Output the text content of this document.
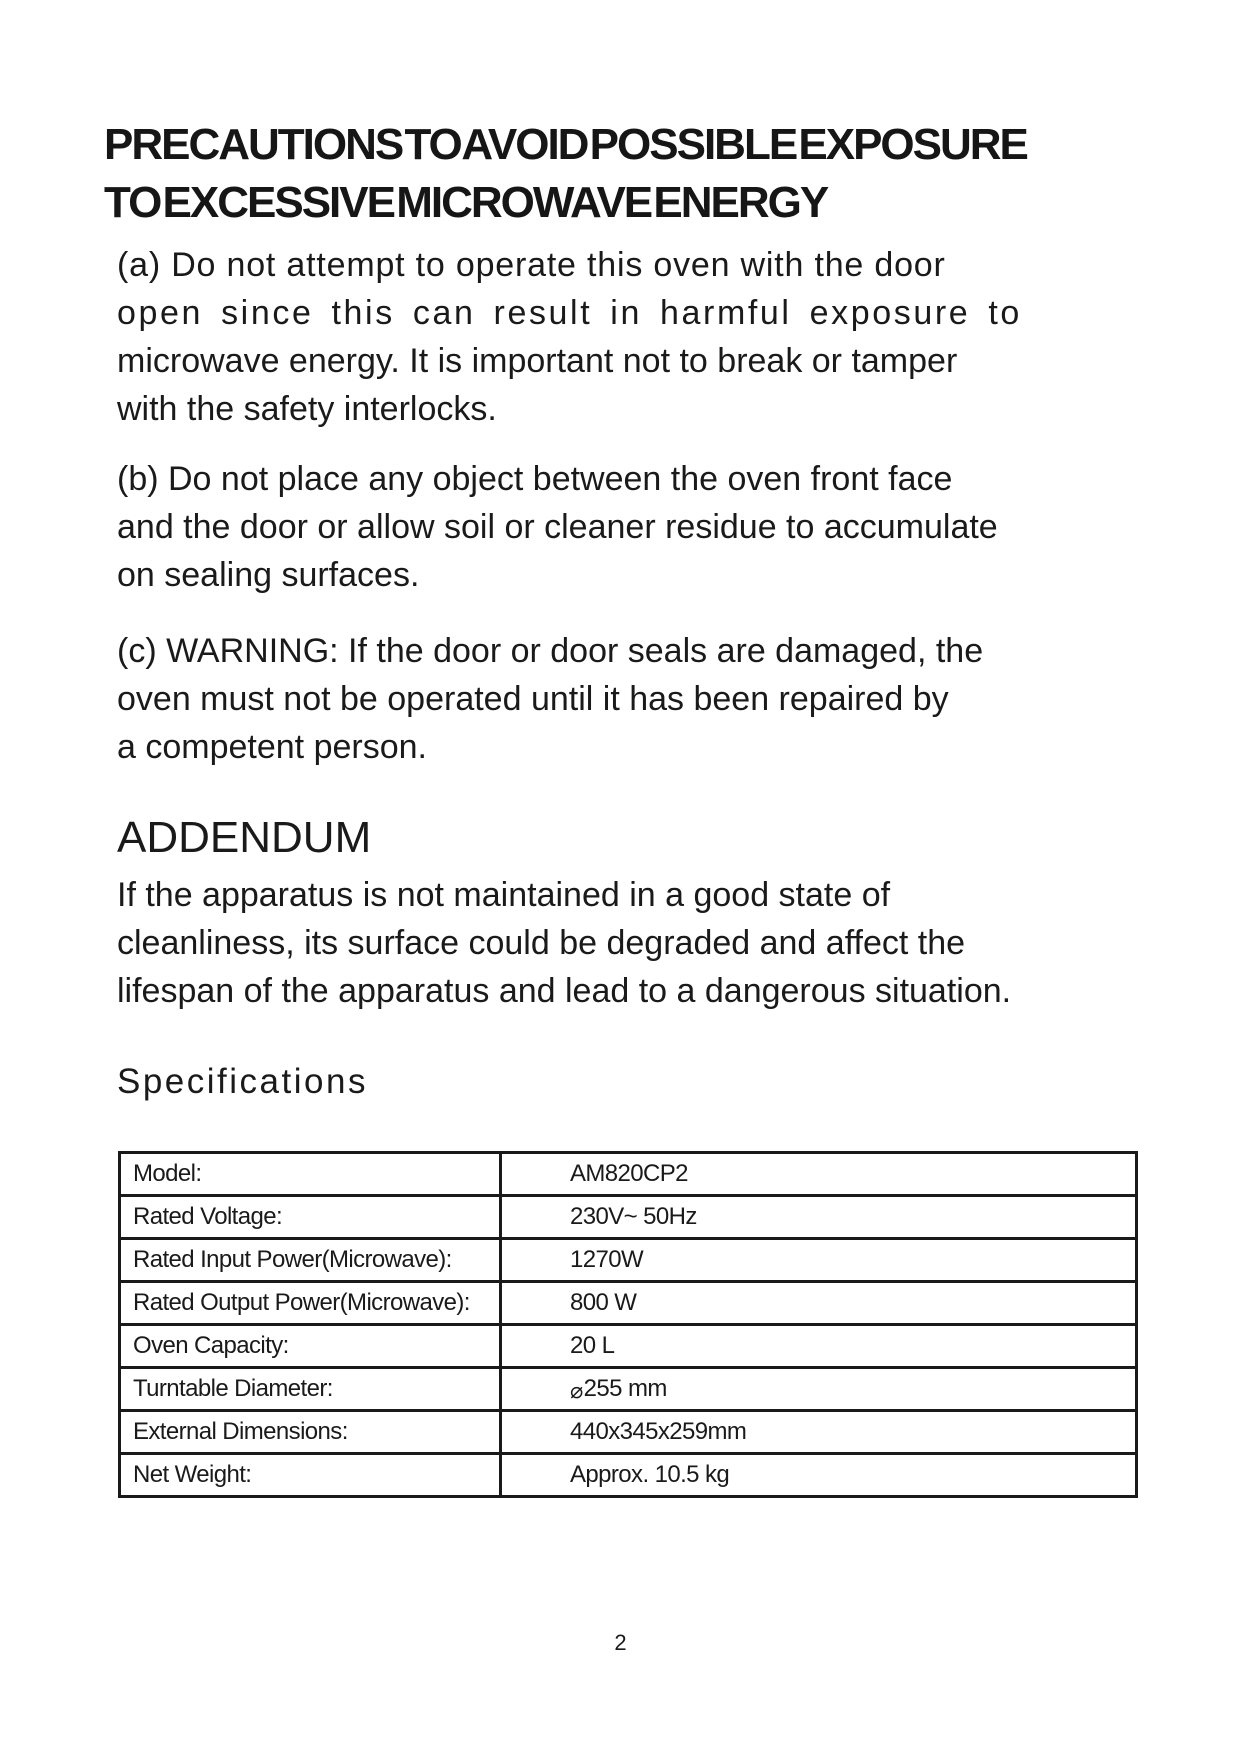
PRECAUTIONS TO AVOID POSSIBLE EXPOSURE
TO EXCESSIVE MICROWAVE ENERGY

(a) Do not attempt to operate this oven with the door
open since this can result in harmful exposure to
microwave energy. It is important not to break or tamper
with the safety interlocks.

(b) Do not place any object between the oven front face
and the door or allow soil or cleaner residue to accumulate
on sealing surfaces.

(c) WARNING: If the door or door seals are damaged, the
oven must not be operated until it has been repaired by
a competent person.

ADDENDUM

If the apparatus is not maintained in a good state of
cleanliness, its surface could be degraded and affect the
lifespan of the apparatus and lead to a dangerous situation.

Specifications
Model:	AM820CP2
Rated Voltage:	230V~ 50Hz
Rated Input Power(Microwave):	1270W
Rated Output Power(Microwave):	800 W
Oven Capacity:	20 L
Turntable Diameter:	⌀255 mm
External Dimensions:	440x345x259mm
Net Weight:	Approx. 10.5 kg
2
